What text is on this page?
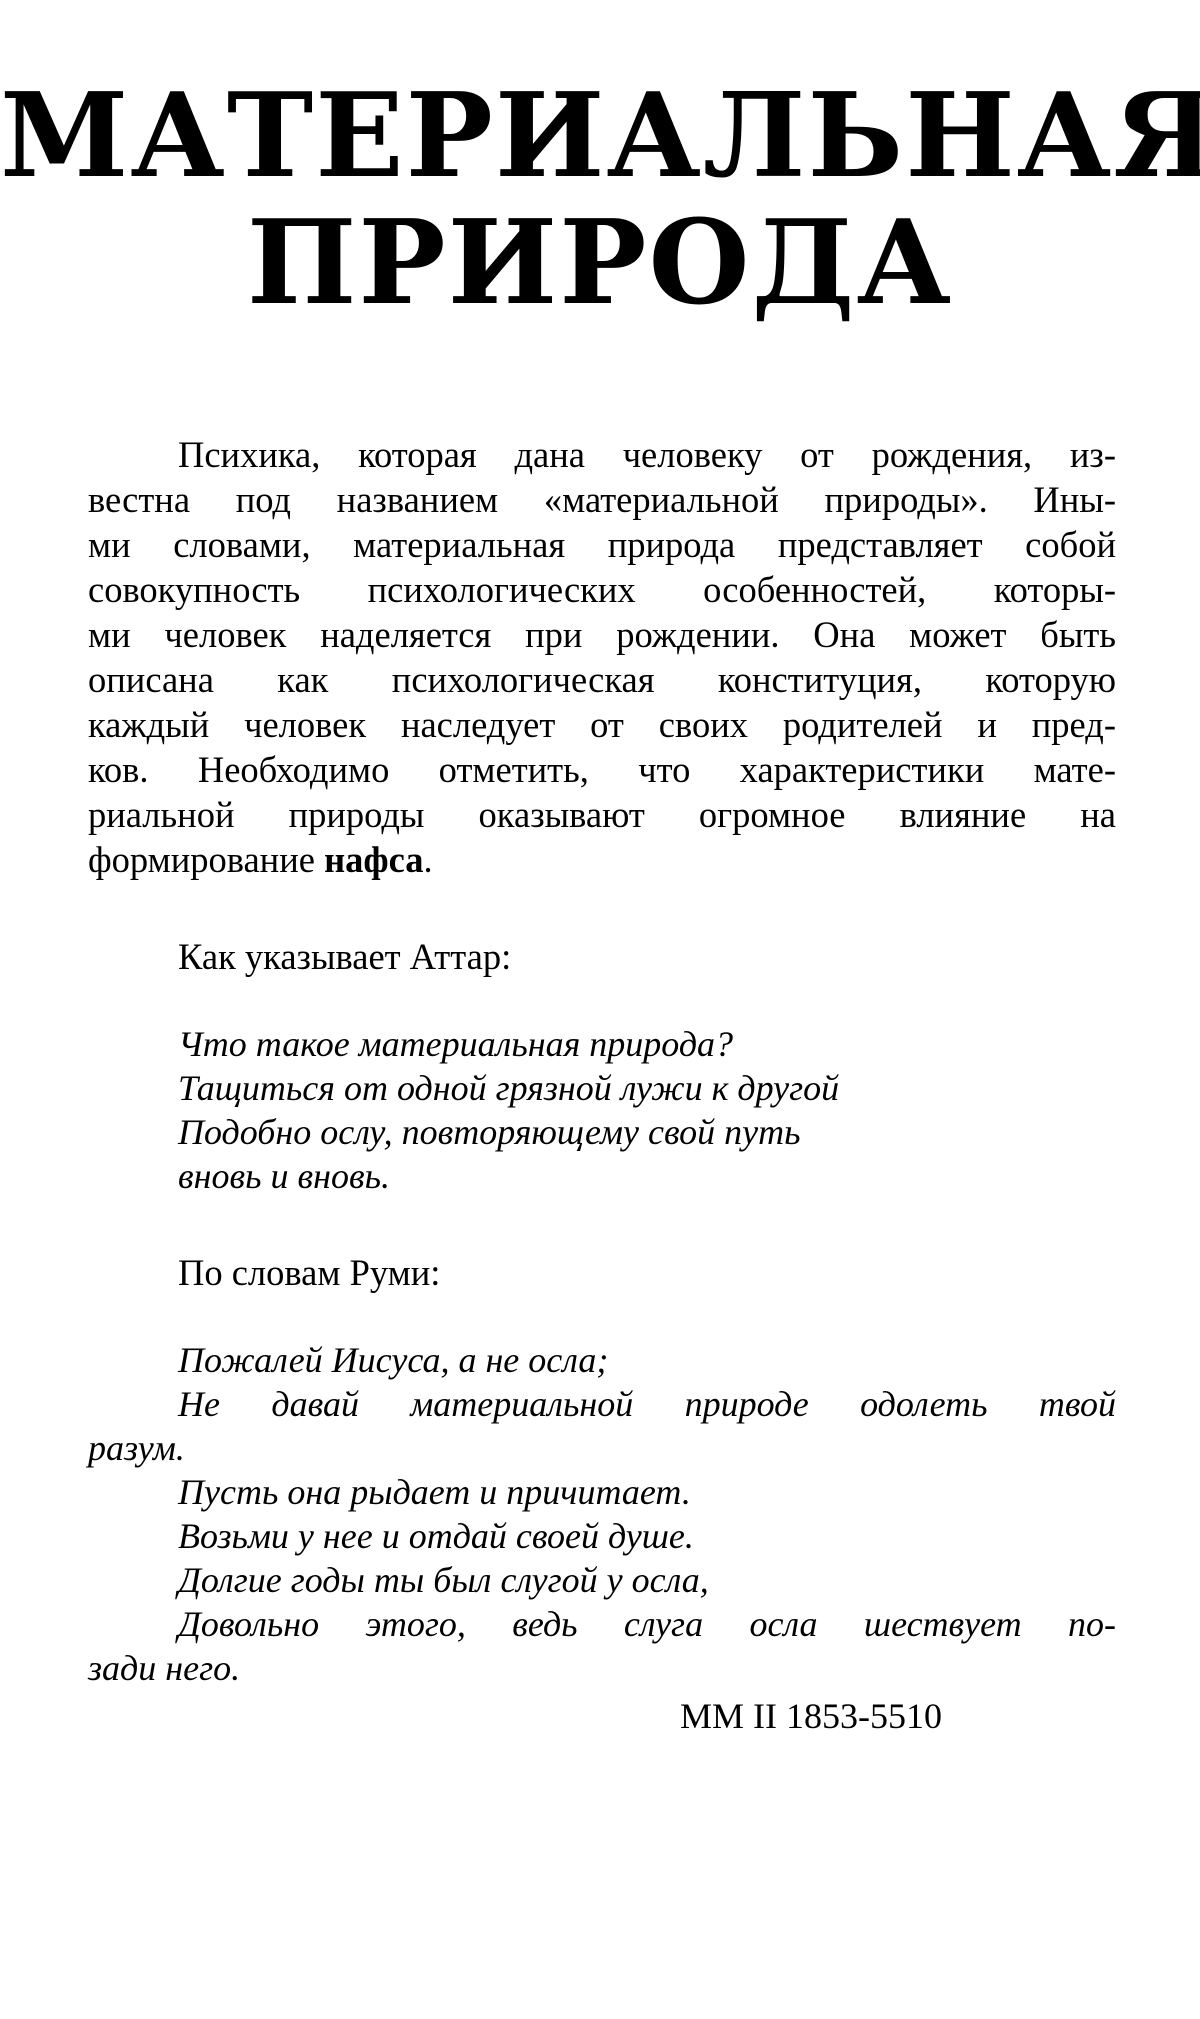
МАТЕРИАЛЬНАЯ
ПРИРОДА
Психика, которая дана человеку от рождения, из-
вестна под названием «материальной природы». Ины-
ми словами, материальная природа представляет собой
совокупность психологических особенностей, которы-
ми человек наделяется при рождении. Она может быть
описана как психологическая конституция, которую
каждый человек наследует от своих родителей и пред-
ков. Необходимо отметить, что характеристики мате-
риальной природы оказывают огромное влияние на
формирование нафса.
Как указывает Аттар:
Что такое материальная природа?
Тащиться от одной грязной лужи к другой
Подобно ослу, повторяющему свой путь
вновь и вновь.
По словам Руми:
Пожалей Иисуса, а не осла;
Не давай материальной природе одолеть твой
разум.
Пусть она рыдает и причитает.
Возьми у нее и отдай своей душе.
Долгие годы ты был слугой у осла,
Довольно этого, ведь слуга осла шествует по-
зади него.
ММ II 1853-5510
